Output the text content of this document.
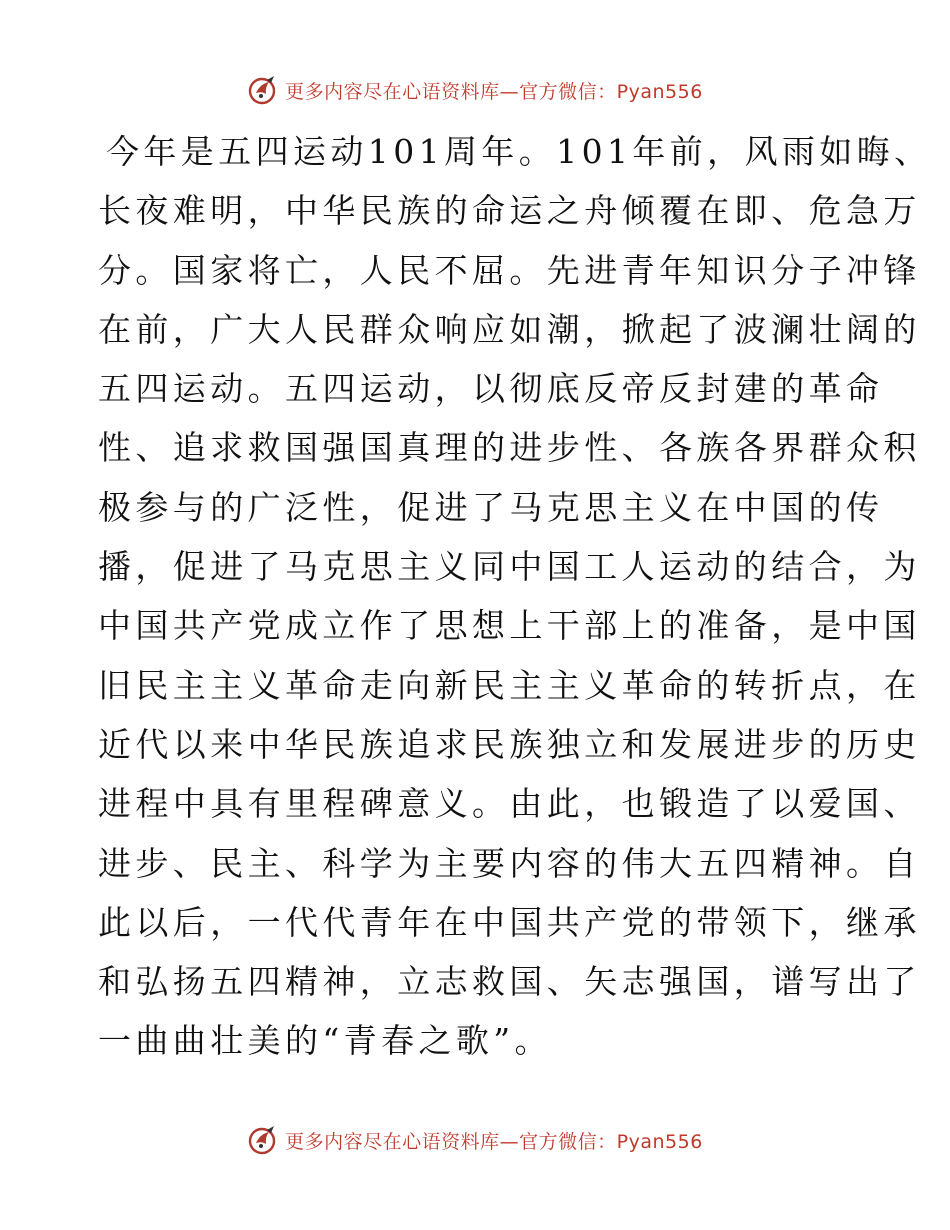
更多内容尽在心语资料库—官方微信：Pyan556
今年是五四运动101周年。101年前，风雨如晦、
长夜难明，中华民族的命运之舟倾覆在即、危急万
分。国家将亡，人民不屈。先进青年知识分子冲锋
在前，广大人民群众响应如潮，掀起了波澜壮阔的
五四运动。五四运动，以彻底反帝反封建的革命
性、追求救国强国真理的进步性、各族各界群众积
极参与的广泛性，促进了马克思主义在中国的传
播，促进了马克思主义同中国工人运动的结合，为
中国共产党成立作了思想上干部上的准备，是中国
旧民主主义革命走向新民主主义革命的转折点，在
近代以来中华民族追求民族独立和发展进步的历史
进程中具有里程碑意义。由此，也锻造了以爱国、
进步、民主、科学为主要内容的伟大五四精神。自
此以后，一代代青年在中国共产党的带领下，继承
和弘扬五四精神，立志救国、矢志强国，谱写出了
一曲曲壮美的“青春之歌”。
更多内容尽在心语资料库—官方微信：Pyan556
